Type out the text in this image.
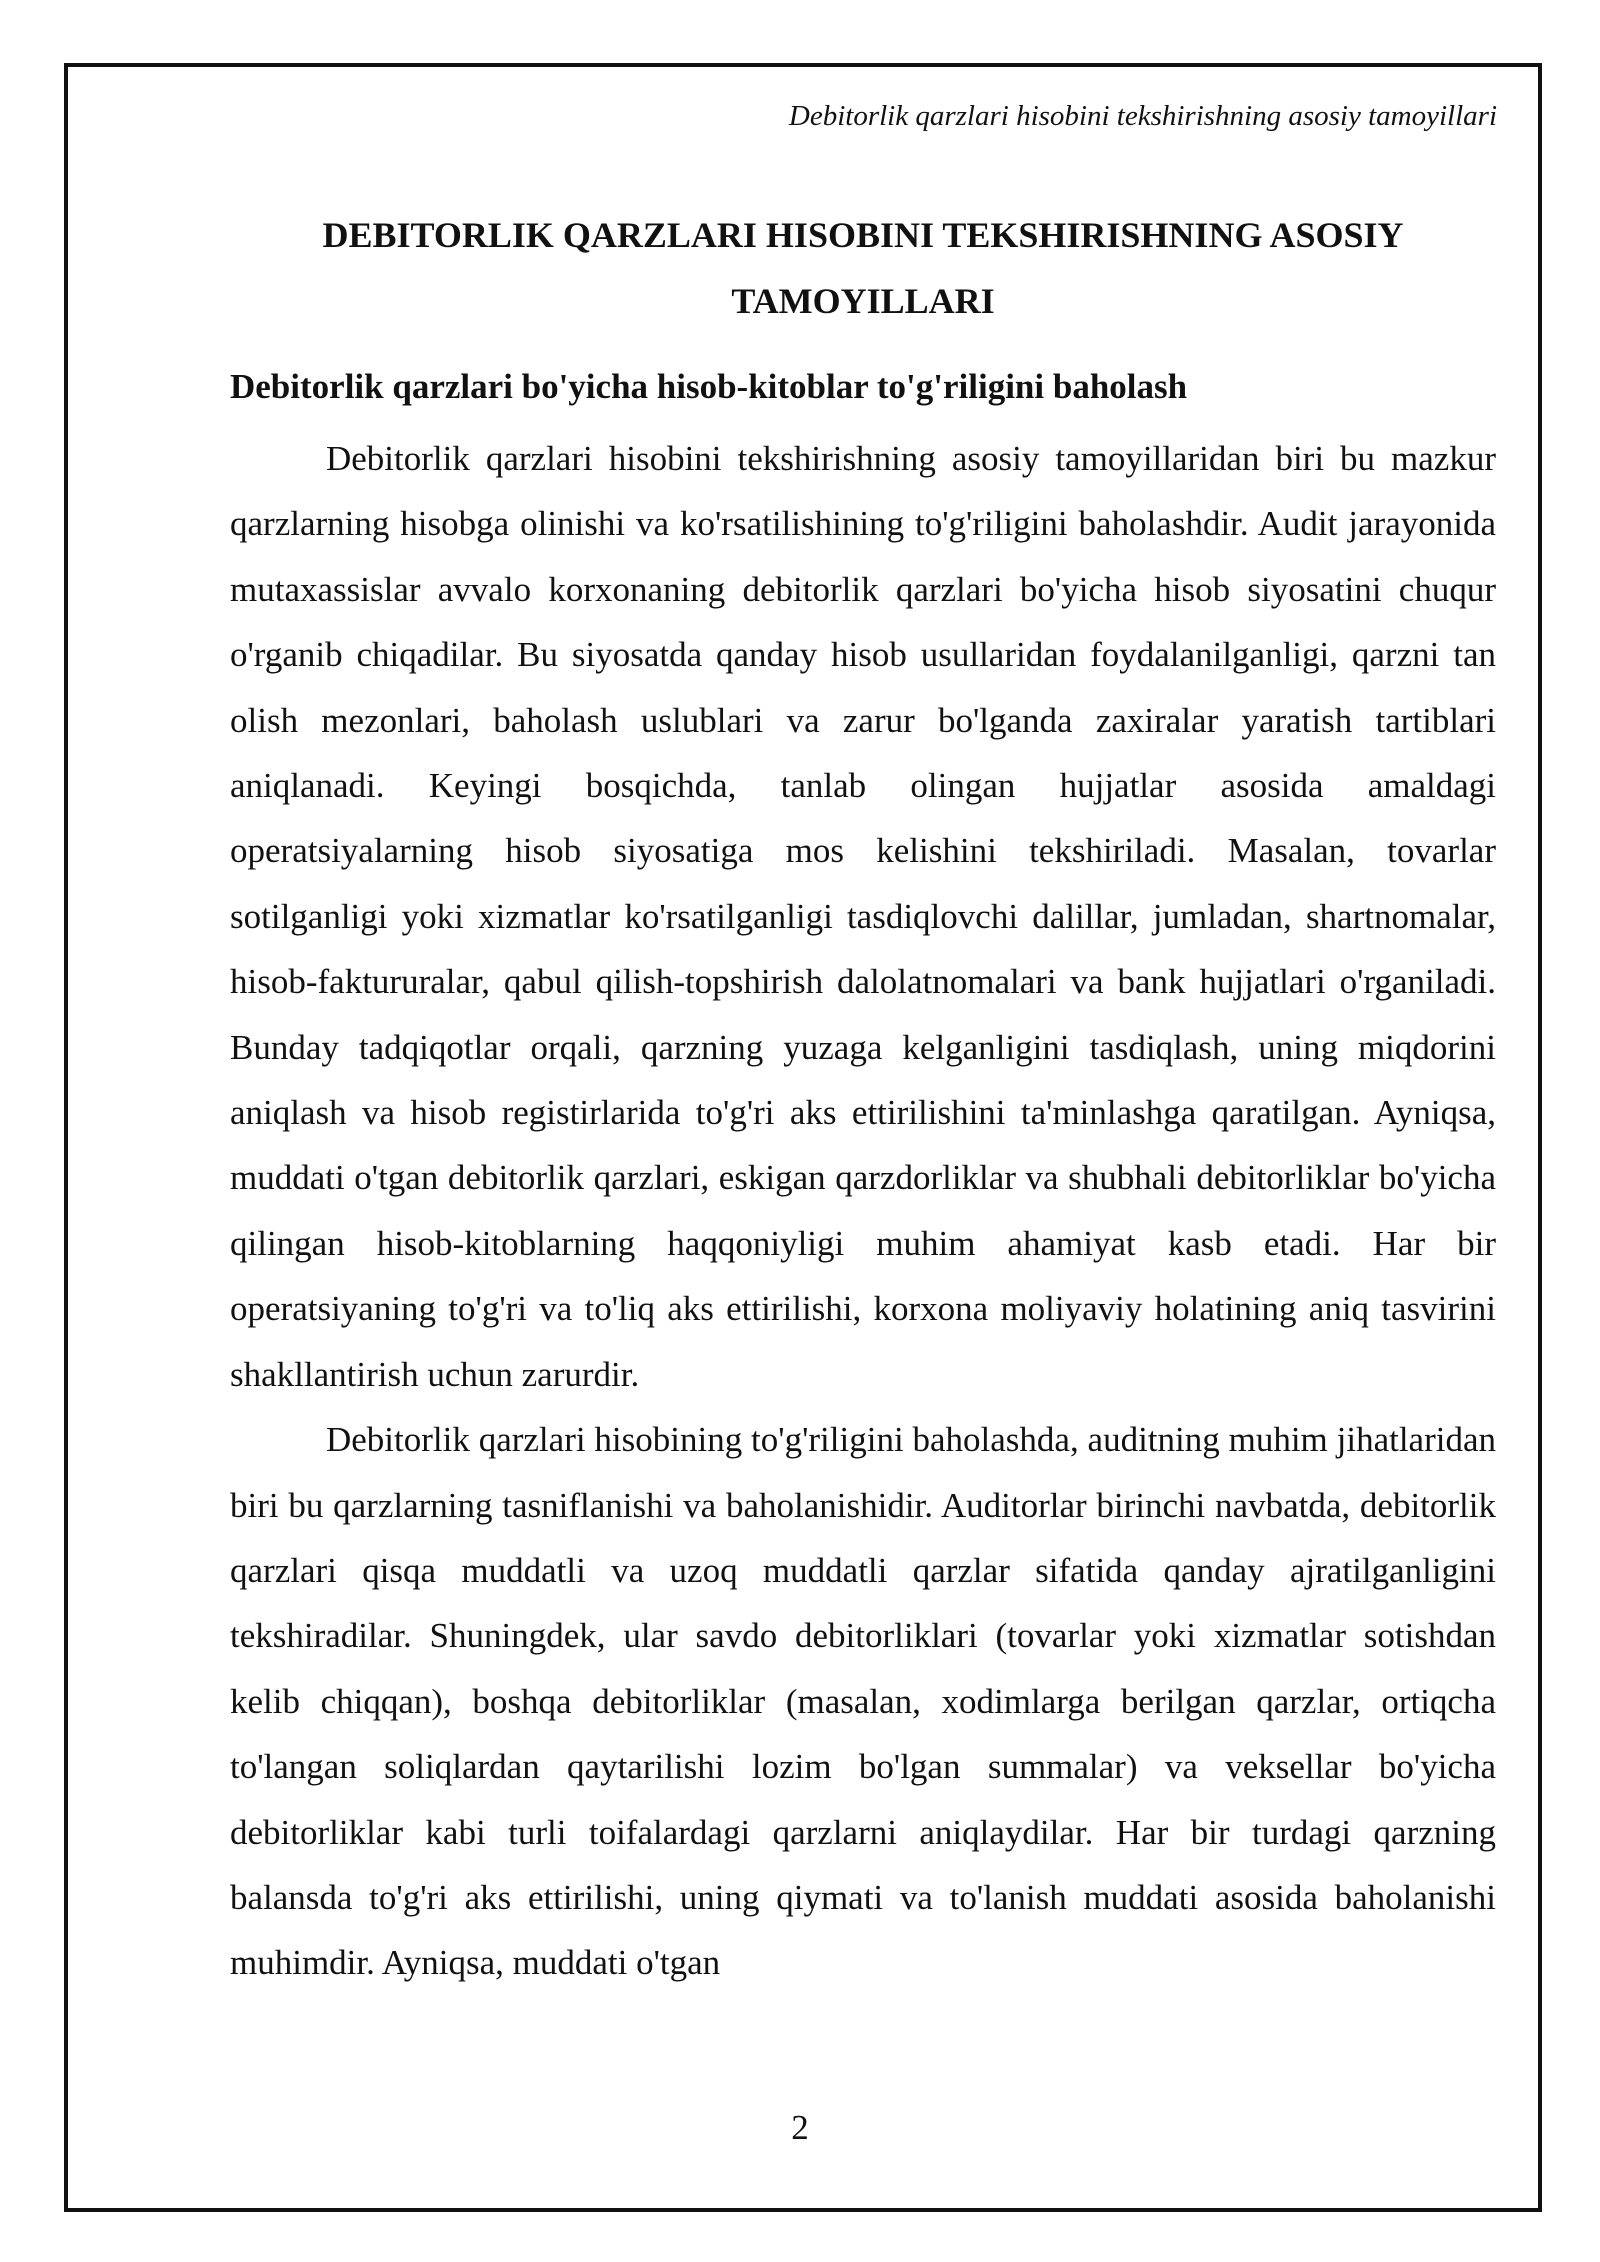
Debitorlik qarzlari hisobini tekshirishning asosiy tamoyillari
DEBITORLIK QARZLARI HISOBINI TEKSHIRISHNING ASOSIY TAMOYILLARI
Debitorlik qarzlari bo'yicha hisob-kitoblar to'g'riligini baholash

Debitorlik qarzlari hisobini tekshirishning asosiy tamoyillaridan biri bu mazkur qarzlarning hisobga olinishi va ko'rsatilishining to'g'riligini baholashdir. Audit jarayonida mutaxassislar avvalo korxonaning debitorlik qarzlari bo'yicha hisob siyosatini chuqur o'rganib chiqadilar. Bu siyosatda qanday hisob usullaridan foydalanilganligi, qarzni tan olish mezonlari, baholash uslublari va zarur bo'lganda zaxiralar yaratish tartiblari aniqlanadi. Keyingi bosqichda, tanlab olingan hujjatlar asosida amaldagi operatsiyalarning hisob siyosatiga mos kelishini tekshiriladi. Masalan, tovarlar sotilganligi yoki xizmatlar ko'rsatilganligi tasdiqlovchi dalillar, jumladan, shartnomalar, hisob-faktururalar, qabul qilish-topshirish dalolatnomalari va bank hujjatlari o'rganiladi. Bunday tadqiqotlar orqali, qarzning yuzaga kelganligini tasdiqlash, uning miqdorini aniqlash va hisob registirlarida to'g'ri aks ettirilishini ta'minlashga qaratilgan. Ayniqsa, muddati o'tgan debitorlik qarzlari, eskigan qarzdorliklar va shubhali debitorliklar bo'yicha qilingan hisob-kitoblarning haqqoniyligi muhim ahamiyat kasb etadi. Har bir operatsiyaning to'g'ri va to'liq aks ettirilishi, korxona moliyaviy holatining aniq tasvirini shakllantirish uchun zarurdir.

Debitorlik qarzlari hisobining to'g'riligini baholashda, auditning muhim jihatlaridan biri bu qarzlarning tasniflanishi va baholanishidir. Auditorlar birinchi navbatda, debitorlik qarzlari qisqa muddatli va uzoq muddatli qarzlar sifatida qanday ajratilganligini tekshiradilar. Shuningdek, ular savdo debitorliklari (tovarlar yoki xizmatlar sotishdan kelib chiqqan), boshqa debitorliklar (masalan, xodimlarga berilgan qarzlar, ortiqcha to'langan soliqlardan qaytarilishi lozim bo'lgan summalar) va veksellar bo'yicha debitorliklar kabi turli toifalardagi qarzlarni aniqlaydilar. Har bir turdagi qarzning balansda to'g'ri aks ettirilishi, uning qiymati va to'lanish muddati asosida baholanishi muhimdir. Ayniqsa, muddati o'tgan

2
